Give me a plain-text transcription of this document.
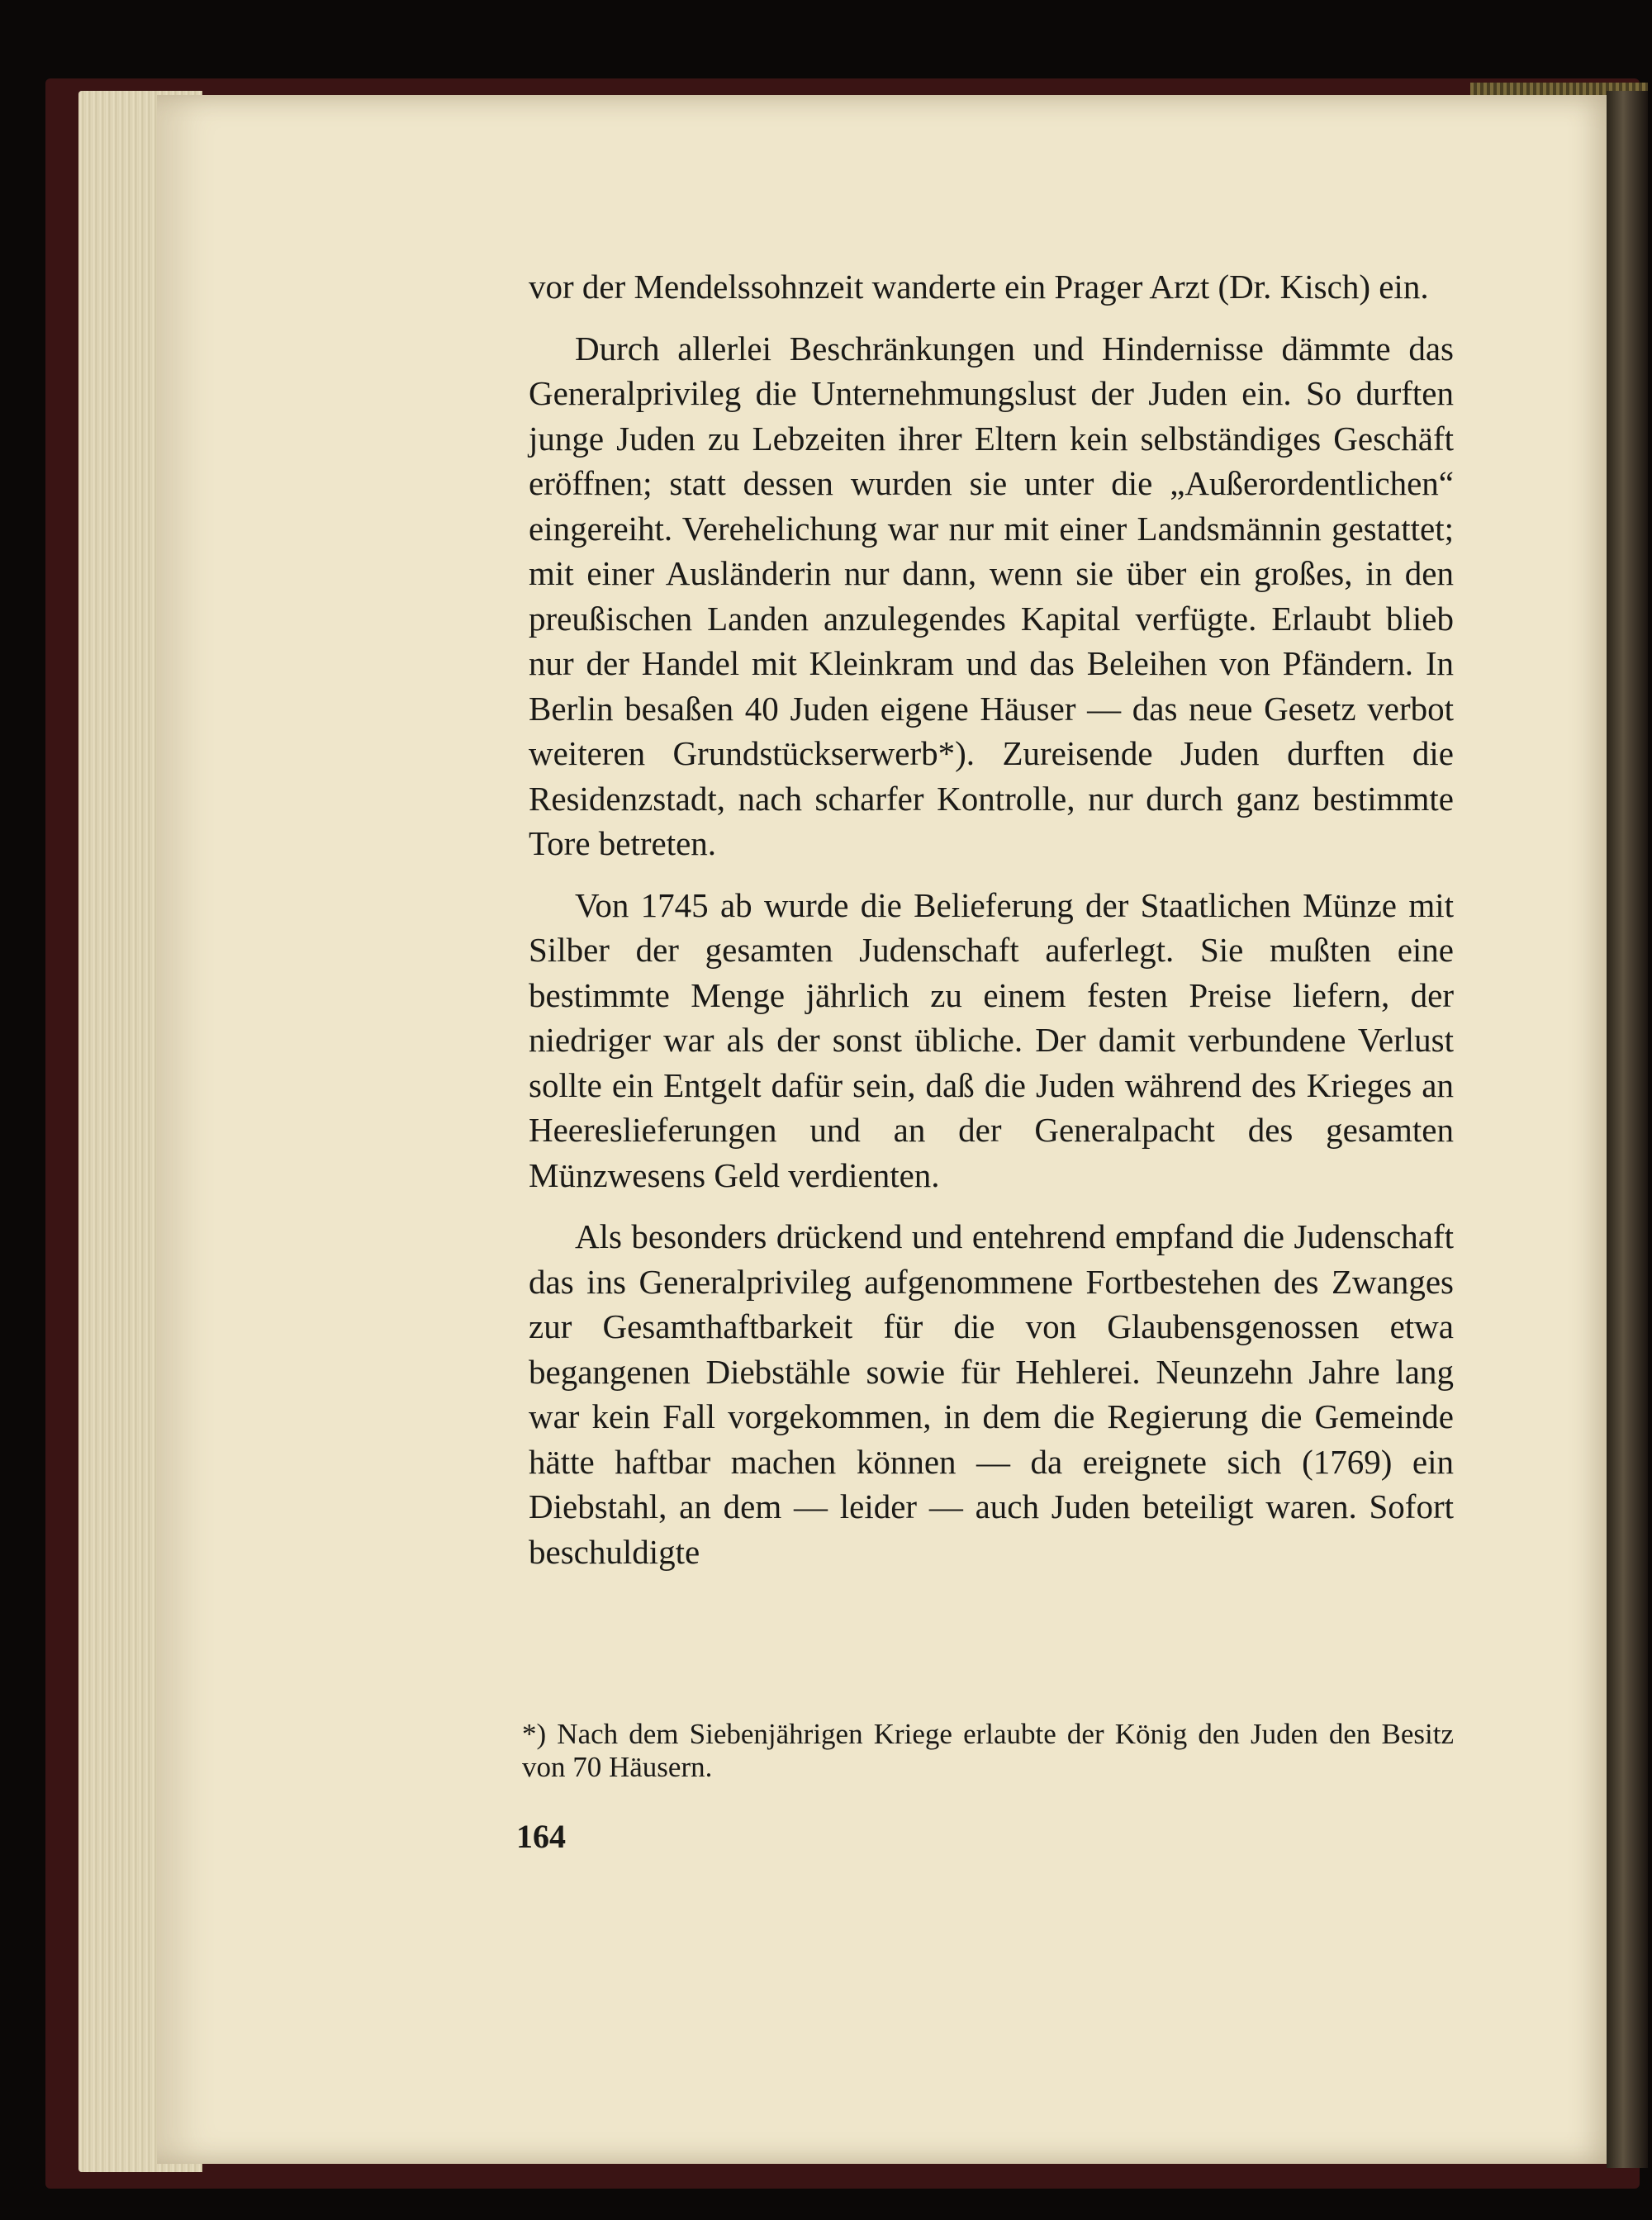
vor der Mendelssohnzeit wanderte ein Prager Arzt (Dr. Kisch) ein.

Durch allerlei Beschränkungen und Hindernisse dämmte das Generalprivileg die Unternehmungslust der Juden ein. So durften junge Juden zu Lebzeiten ihrer Eltern kein selbständiges Geschäft eröffnen; statt dessen wurden sie unter die „Außerordentlichen“ eingereiht. Verehelichung war nur mit einer Landsmännin gestattet; mit einer Ausländerin nur dann, wenn sie über ein großes, in den preußischen Landen anzulegendes Kapital verfügte. Erlaubt blieb nur der Handel mit Kleinkram und das Beleihen von Pfändern. In Berlin besaßen 40 Juden eigene Häuser — das neue Gesetz verbot weiteren Grundstückserwerb*). Zureisende Juden durften die Residenzstadt, nach scharfer Kontrolle, nur durch ganz bestimmte Tore betreten.

Von 1745 ab wurde die Belieferung der Staatlichen Münze mit Silber der gesamten Judenschaft auferlegt. Sie mußten eine bestimmte Menge jährlich zu einem festen Preise liefern, der niedriger war als der sonst übliche. Der damit verbundene Verlust sollte ein Entgelt dafür sein, daß die Juden während des Krieges an Heereslieferungen und an der Generalpacht des gesamten Münzwesens Geld verdienten.

Als besonders drückend und entehrend empfand die Judenschaft das ins Generalprivileg aufgenommene Fortbestehen des Zwanges zur Gesamthaftbarkeit für die von Glaubensgenossen etwa begangenen Diebstähle sowie für Hehlerei. Neunzehn Jahre lang war kein Fall vorgekommen, in dem die Regierung die Gemeinde hätte haftbar machen können — da ereignete sich (1769) ein Diebstahl, an dem — leider — auch Juden beteiligt waren. Sofort beschuldigte

*) Nach dem Siebenjährigen Kriege erlaubte der König den Juden den Besitz von 70 Häusern.
164
